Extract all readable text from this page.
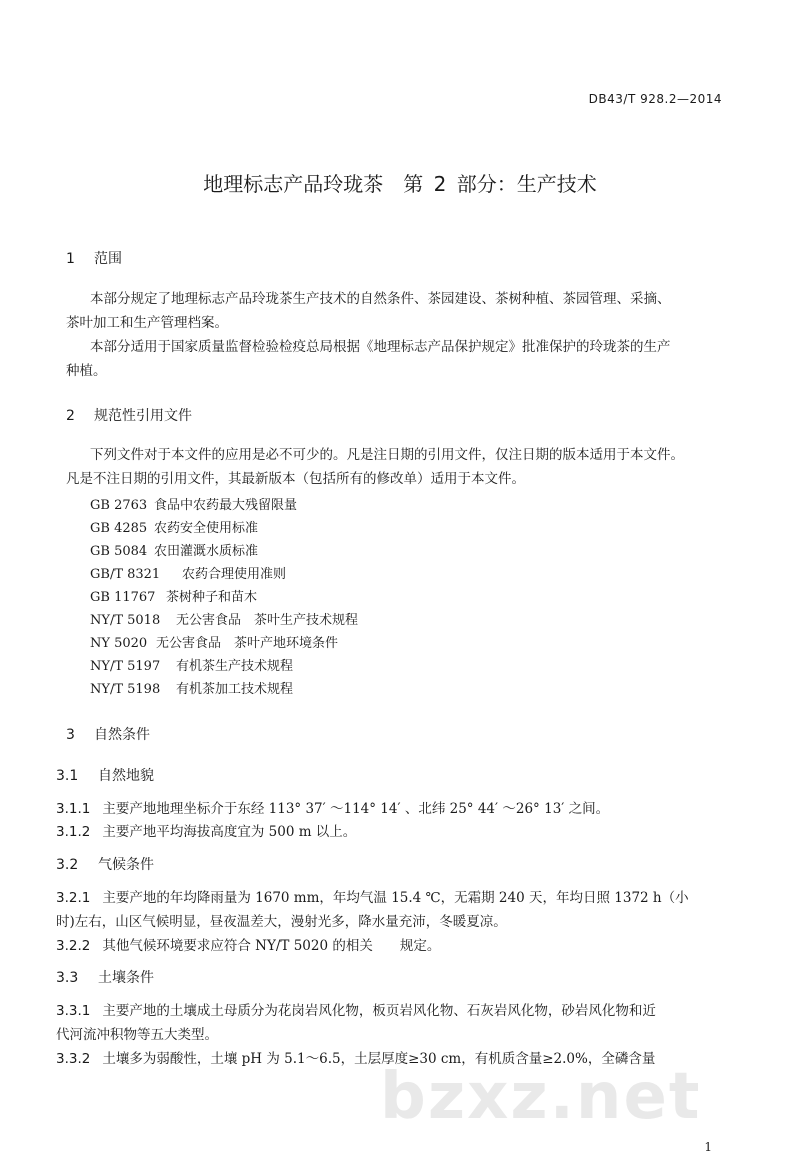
DB43/T 928.2—2014
地理标志产品玲珑茶　第 2 部分：生产技术
1 范围
本部分规定了地理标志产品玲珑茶生产技术的自然条件、茶园建设、茶树种植、茶园管理、采摘、
茶叶加工和生产管理档案。
本部分适用于国家质量监督检验检疫总局根据《地理标志产品保护规定》批准保护的玲珑茶的生产
种植。
2 规范性引用文件
下列文件对于本文件的应用是必不可少的。凡是注日期的引用文件，仅注日期的版本适用于本文件。
凡是不注日期的引用文件，其最新版本（包括所有的修改单）适用于本文件。
GB 2763 食品中农药最大残留限量
GB 4285 农药安全使用标准
GB 5084 农田灌溉水质标准
GB/T 8321 农药合理使用准则
GB 11767 茶树种子和苗木
NY/T 5018 无公害食品　茶叶生产技术规程
NY 5020 无公害食品　茶叶产地环境条件
NY/T 5197 有机茶生产技术规程
NY/T 5198 有机茶加工技术规程
3 自然条件
3.1 自然地貌
3.1.1 主要产地地理坐标介于东经 113° 37′ ～114° 14′ 、北纬 25° 44′ ～26° 13′ 之间。
3.1.2 主要产地平均海拔高度宜为 500 m 以上。
3.2 气候条件
3.2.1 主要产地的年均降雨量为 1670 mm，年均气温 15.4 ℃，无霜期 240 天，年均日照 1372 h（小
时)左右，山区气候明显，昼夜温差大，漫射光多，降水量充沛，冬暖夏凉。
3.2.2 其他气候环境要求应符合 NY/T 5020 的相关　　规定。
3.3 土壤条件
3.3.1 主要产地的土壤成土母质分为花岗岩风化物，板页岩风化物、石灰岩风化物，砂岩风化物和近
代河流冲积物等五大类型。
3.3.2 土壤多为弱酸性，土壤 pH 为 5.1～6.5，土层厚度≥30 cm，有机质含量≥2.0%，全磷含量
bzxz.net
1
